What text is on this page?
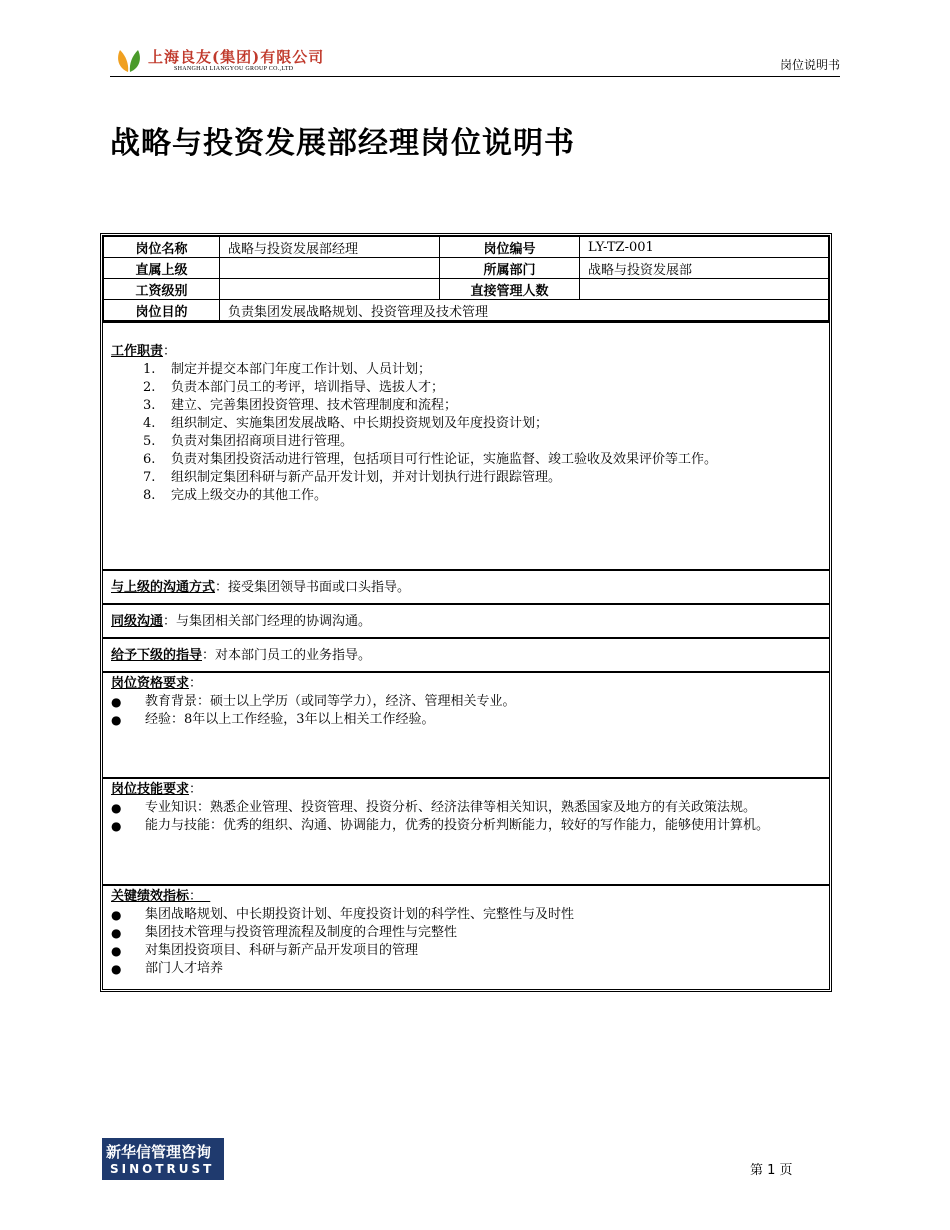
上海良友(集团)有限公司
SHANGHAI LIANGYOU GROUP CO.,LTD	岗位说明书
战略与投资发展部经理岗位说明书
岗位名称	战略与投资发展部经理	岗位编号	LY-TZ-001
直属上级		所属部门	战略与投资发展部
工资级别		直接管理人数	
岗位目的	负责集团发展战略规划、投资管理及技术管理		
工作职责：
1.	制定并提交本部门年度工作计划、人员计划；
2.	负责本部门员工的考评，培训指导、选拔人才；
3.	建立、完善集团投资管理、技术管理制度和流程；
4.	组织制定、实施集团发展战略、中长期投资规划及年度投资计划；
5.	负责对集团招商项目进行管理。
6.	负责对集团投资活动进行管理，包括项目可行性论证，实施监督、竣工验收及效果评价等工作。
7.	组织制定集团科研与新产品开发计划，并对计划执行进行跟踪管理。
8.	完成上级交办的其他工作。
与上级的沟通方式：接受集团领导书面或口头指导。
同级沟通：与集团相关部门经理的协调沟通。
给予下级的指导：对本部门员工的业务指导。
岗位资格要求：
●	教育背景：硕士以上学历（或同等学力），经济、管理相关专业。
●	经验：8年以上工作经验，3年以上相关工作经验。
岗位技能要求：
●	专业知识：熟悉企业管理、投资管理、投资分析、经济法律等相关知识，熟悉国家及地方的有关政策法规。
●	能力与技能：优秀的组织、沟通、协调能力，优秀的投资分析判断能力，较好的写作能力，能够使用计算机。
关键绩效指标：
●	集团战略规划、中长期投资计划、年度投资计划的科学性、完整性与及时性
●	集团技术管理与投资管理流程及制度的合理性与完整性
●	对集团投资项目、科研与新产品开发项目的管理
●	部门人才培养
新华信管理咨询
SINOTRUST	第 1 页
